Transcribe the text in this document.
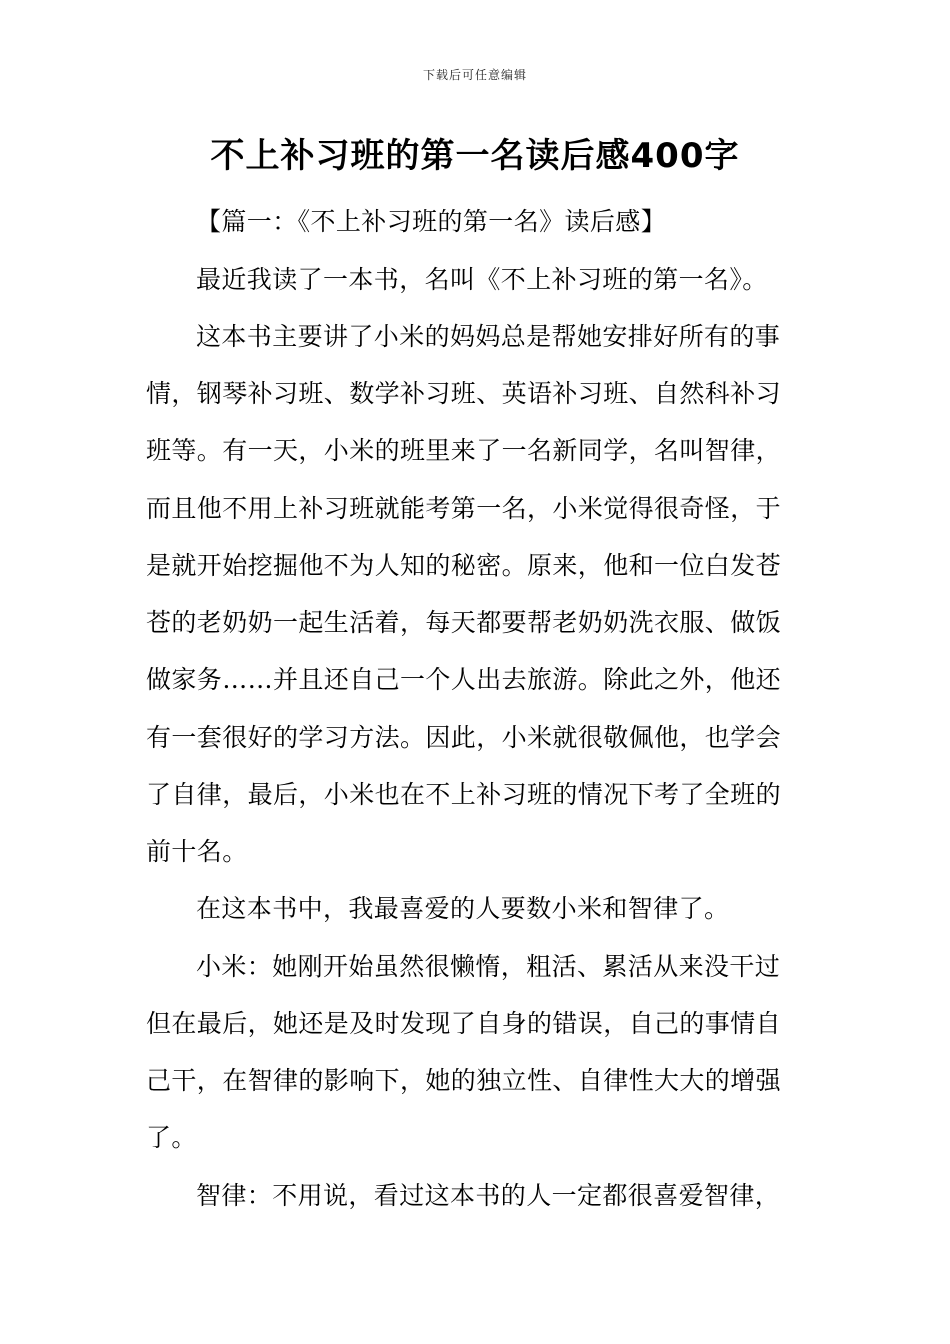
下载后可任意编辑
不上补习班的第一名读后感400字
【篇一：《不上补习班的第一名》读后感】
最近我读了一本书，名叫《不上补习班的第一名》。
这本书主要讲了小米的妈妈总是帮她安排好所有的事
情，钢琴补习班、数学补习班、英语补习班、自然科补习
班等。有一天，小米的班里来了一名新同学，名叫智律，
而且他不用上补习班就能考第一名，小米觉得很奇怪，于
是就开始挖掘他不为人知的秘密。原来，他和一位白发苍
苍的老奶奶一起生活着，每天都要帮老奶奶洗衣服、做饭
做家务……并且还自己一个人出去旅游。除此之外，他还
有一套很好的学习方法。因此，小米就很敬佩他，也学会
了自律，最后，小米也在不上补习班的情况下考了全班的
前十名。
在这本书中，我最喜爱的人要数小米和智律了。
小米：她刚开始虽然很懒惰，粗活、累活从来没干过
但在最后，她还是及时发现了自身的错误，自己的事情自
己干，在智律的影响下，她的独立性、自律性大大的增强
了。
智律：不用说，看过这本书的人一定都很喜爱智律，
